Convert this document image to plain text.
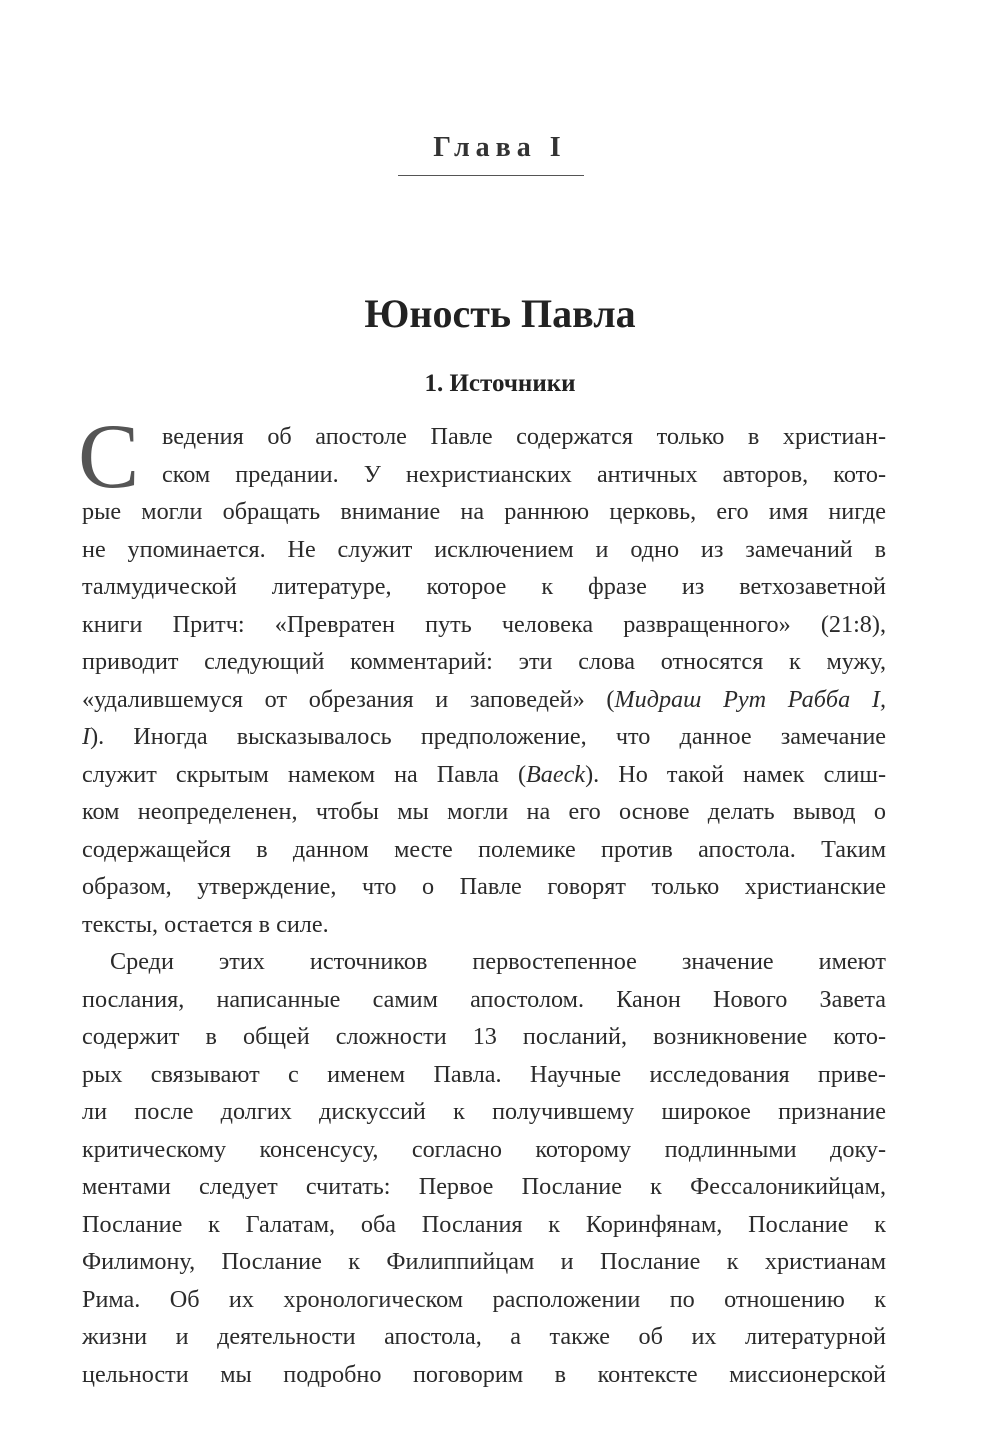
Глава I
Юность Павла
1. Источники
С ведения об апостоле Павле содержатся только в христиан-
ском предании. У нехристианских античных авторов, кото-
рые могли обращать внимание на раннюю церковь, его имя нигде
не упоминается. Не служит исключением и одно из замечаний в
талмудической литературе, которое к фразе из ветхозаветной
книги Притч: «Превратен путь человека развращенного» (21:8),
приводит следующий комментарий: эти слова относятся к мужу,
«удалившемуся от обрезания и заповедей» (Мидраш Рут Рабба I,
I). Иногда высказывалось предположение, что данное замечание
служит скрытым намеком на Павла (Baeck). Но такой намек слиш-
ком неопределенен, чтобы мы могли на его основе делать вывод о
содержащейся в данном месте полемике против апостола. Таким
образом, утверждение, что о Павле говорят только христианские
тексты, остается в силе.
Среди этих источников первостепенное значение имеют
послания, написанные самим апостолом. Канон Нового Завета
содержит в общей сложности 13 посланий, возникновение кото-
рых связывают с именем Павла. Научные исследования приве-
ли после долгих дискуссий к получившему широкое признание
критическому консенсусу, согласно которому подлинными доку-
ментами следует считать: Первое Послание к Фессалоникийцам,
Послание к Галатам, оба Послания к Коринфянам, Послание к
Филимону, Послание к Филиппийцам и Послание к христианам
Рима. Об их хронологическом расположении по отношению к
жизни и деятельности апостола, а также об их литературной
цельности мы подробно поговорим в контексте миссионерской
